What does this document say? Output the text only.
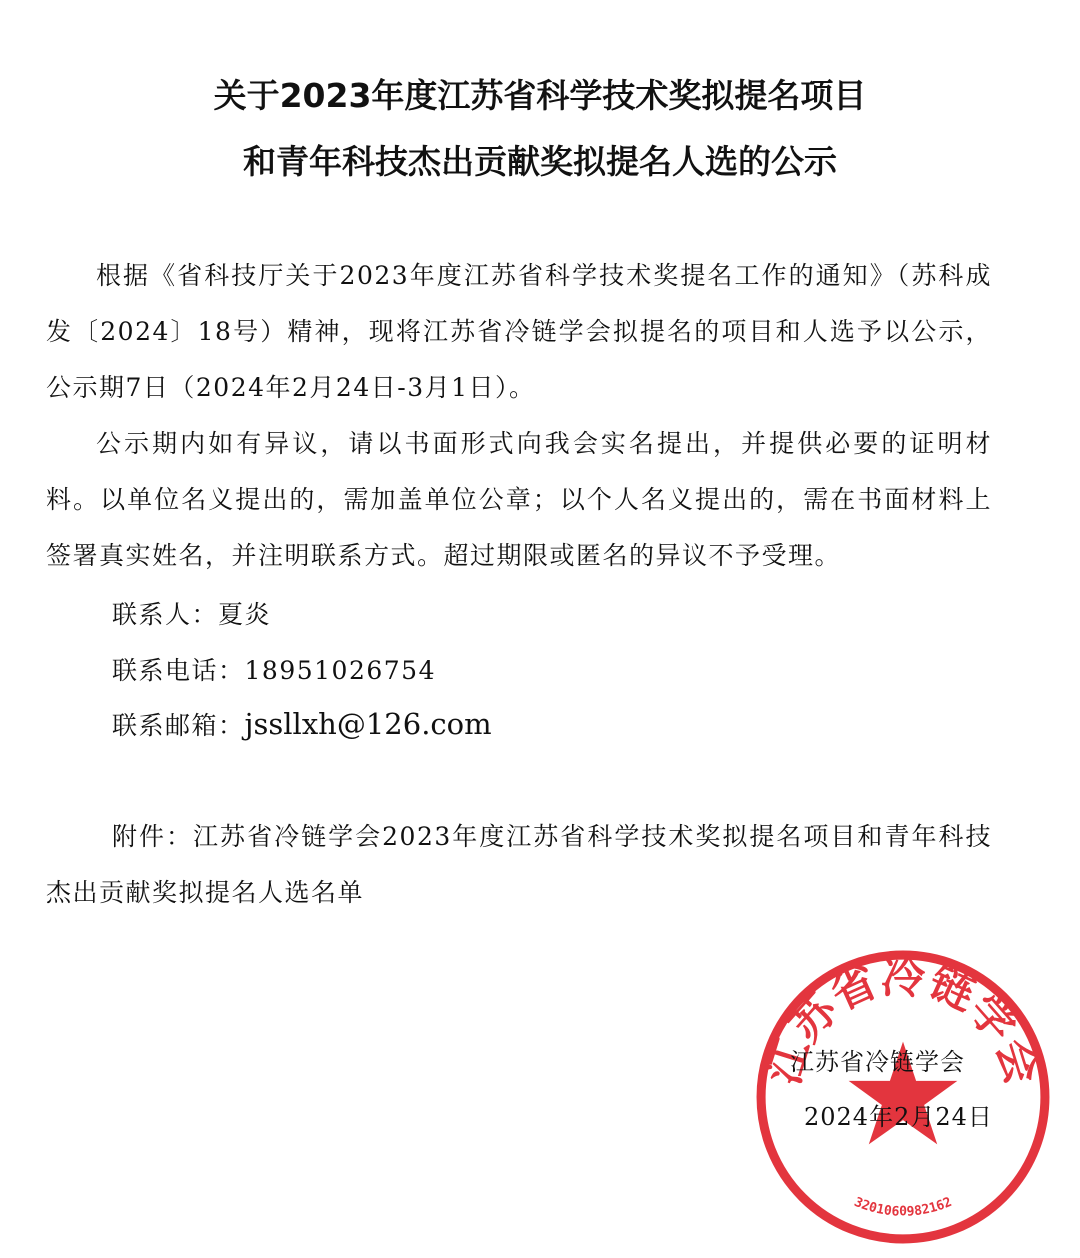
关于2023年度江苏省科学技术奖拟提名项目
和青年科技杰出贡献奖拟提名人选的公示

根据《省科技厅关于2023年度江苏省科学技术奖提名工作的通知》（苏科成发〔2024〕18号）精神，现将江苏省冷链学会拟提名的项目和人选予以公示，公示期7日（2024年2月24日-3月1日）。

公示期内如有异议，请以书面形式向我会实名提出，并提供必要的证明材料。以单位名义提出的，需加盖单位公章；以个人名义提出的，需在书面材料上签署真实姓名，并注明联系方式。超过期限或匿名的异议不予受理。

联系人：夏炎
联系电话：18951026754
联系邮箱：jssllxh@126.com

附件：江苏省冷链学会2023年度江苏省科学技术奖拟提名项目和青年科技杰出贡献奖拟提名人选名单

江苏省冷链学会
3201060982162
江苏省冷链学会
2024年2月24日
